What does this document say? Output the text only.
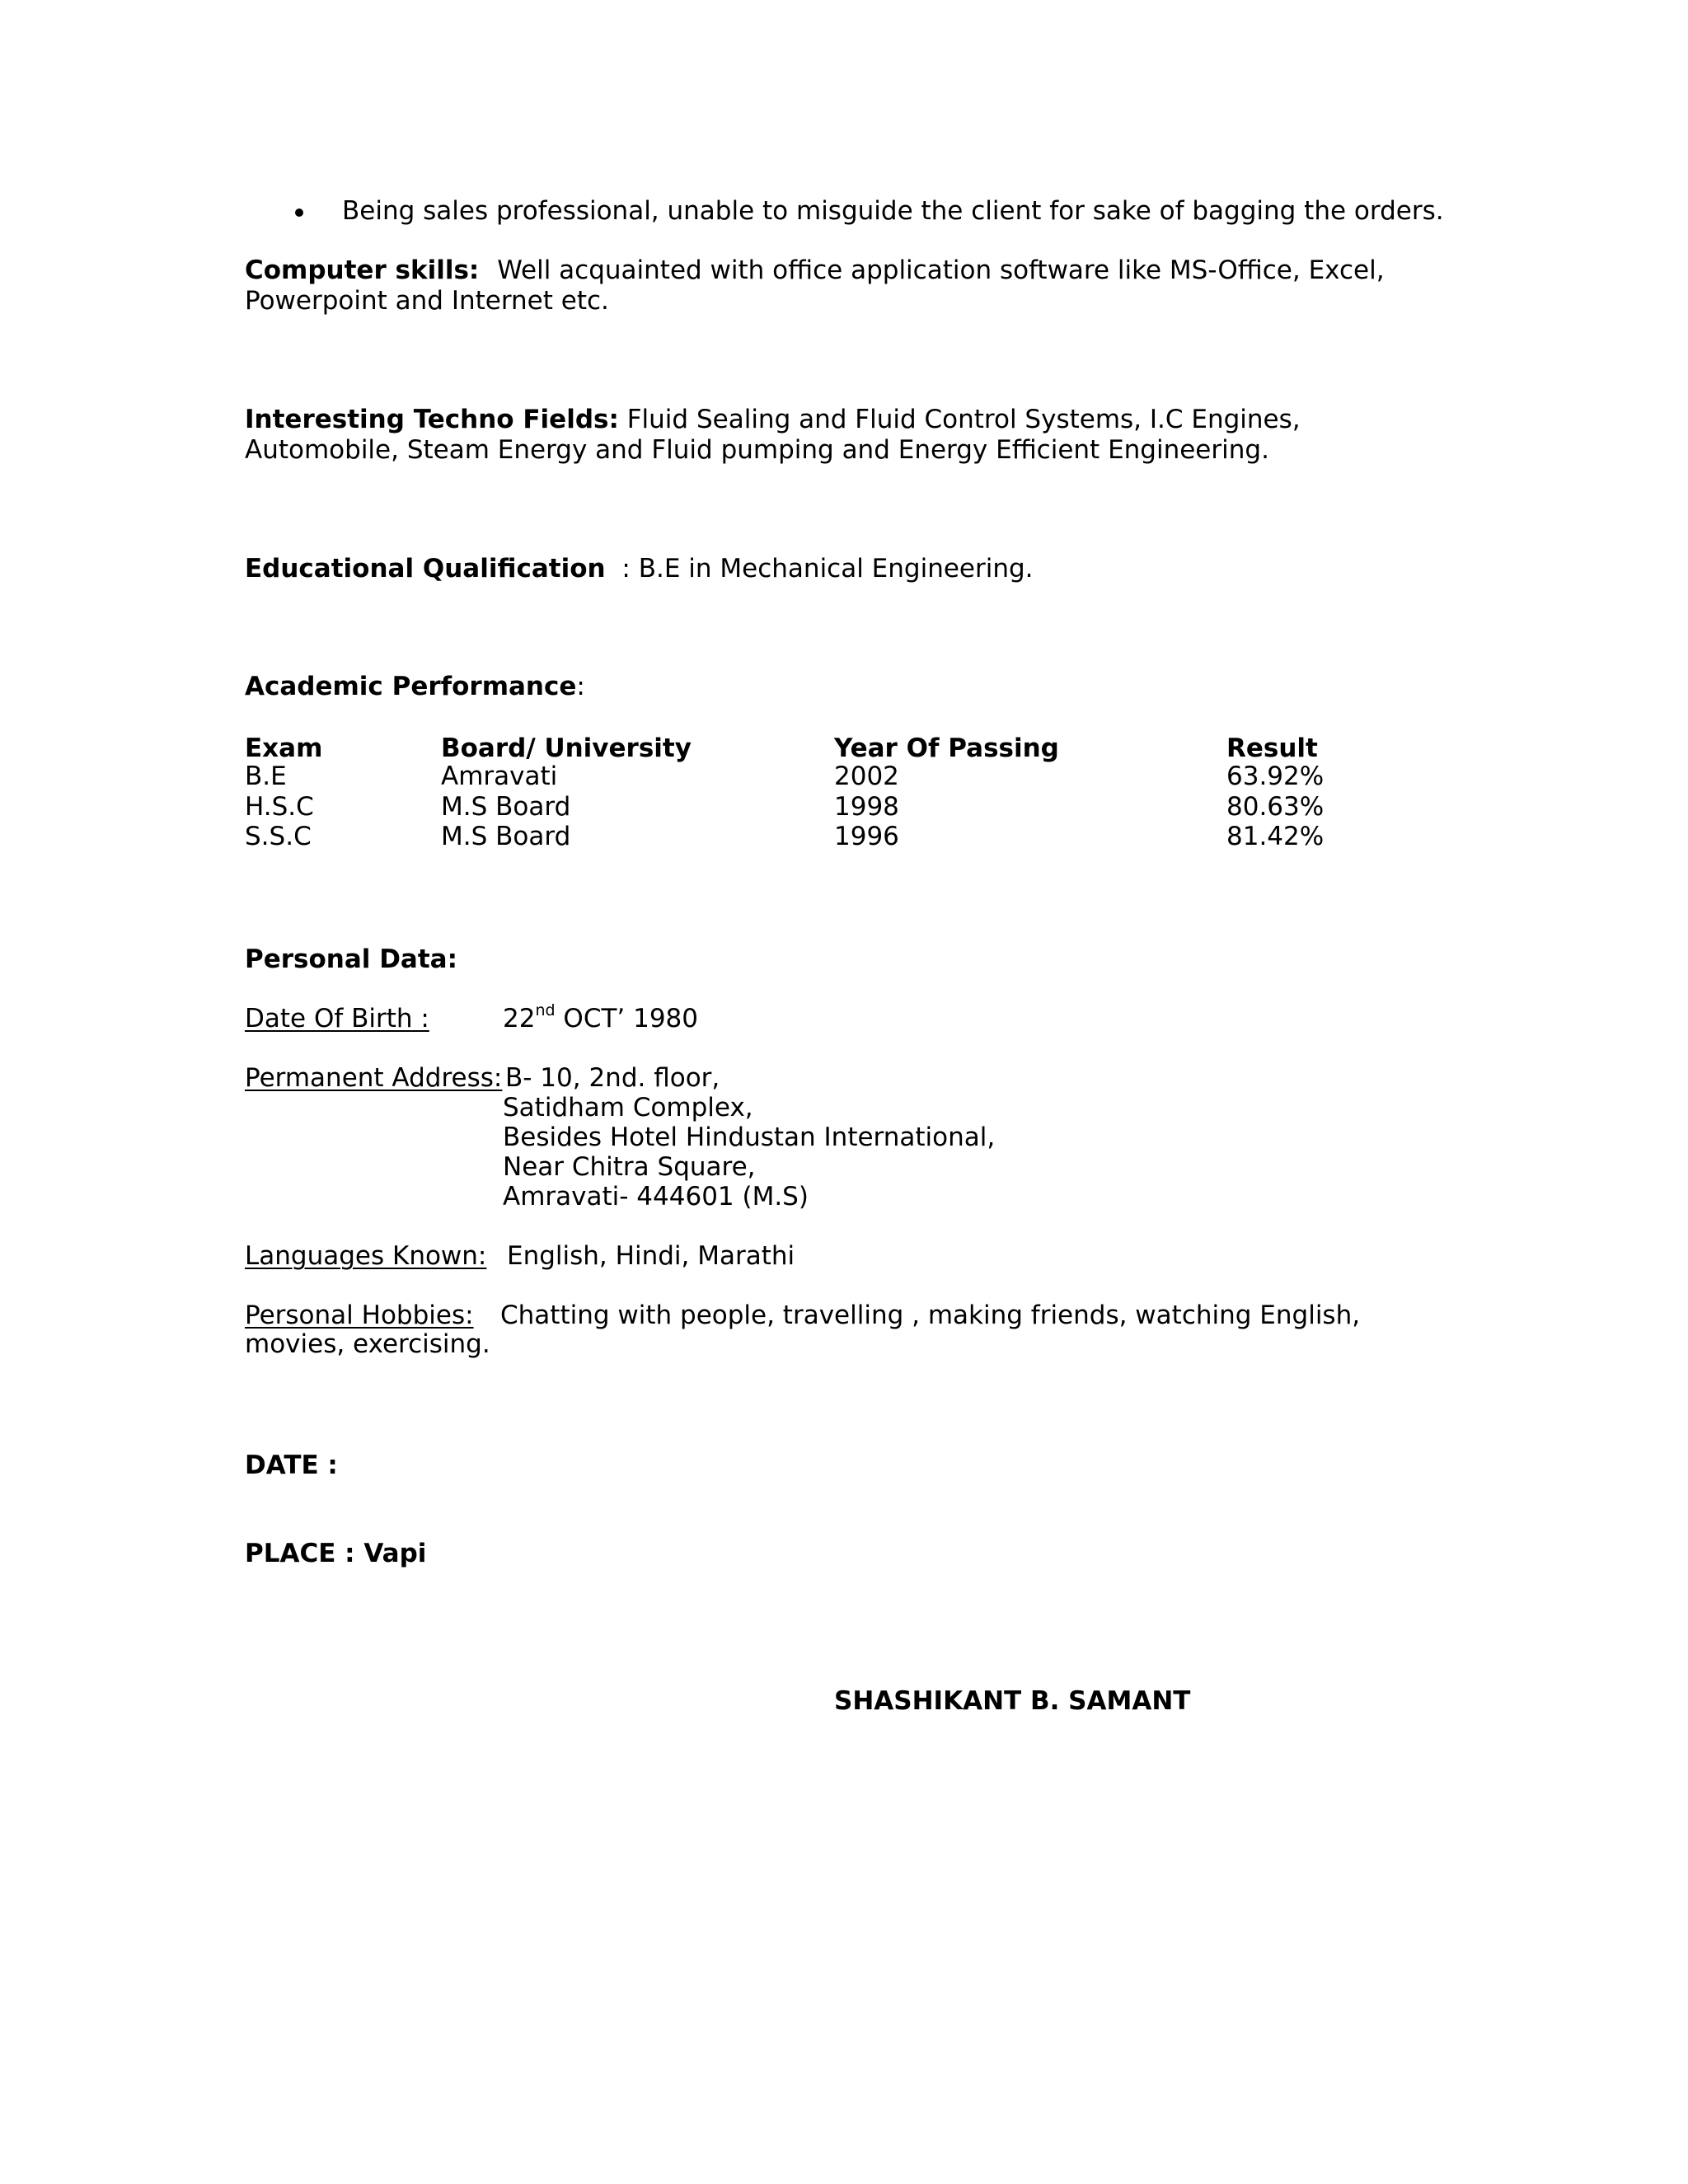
Being sales professional, unable to misguide the client for sake of bagging the orders.
Computer skills: Well acquainted with office application software like MS-Office, Excel,
Powerpoint and Internet etc.
Interesting Techno Fields: Fluid Sealing and Fluid Control Systems, I.C Engines,
Automobile, Steam Energy and Fluid pumping and Energy Efficient Engineering.
Educational Qualification : B.E in Mechanical Engineering.
Academic Performance:
Exam	Board/ University	Year Of Passing	Result
B.E	Amravati	2002	63.92%
H.S.C	M.S Board	1998	80.63%
S.S.C	M.S Board	1996	81.42%
Personal Data:
Date Of Birth :	22nd OCT’ 1980
Permanent Address: B- 10, 2nd. floor,
Satidham Complex,
Besides Hotel Hindustan International,
Near Chitra Square,
Amravati- 444601 (M.S)
Languages Known: English, Hindi, Marathi
Personal Hobbies: Chatting with people, travelling , making friends, watching English,
movies, exercising.
DATE :
PLACE : Vapi
SHASHIKANT B. SAMANT
